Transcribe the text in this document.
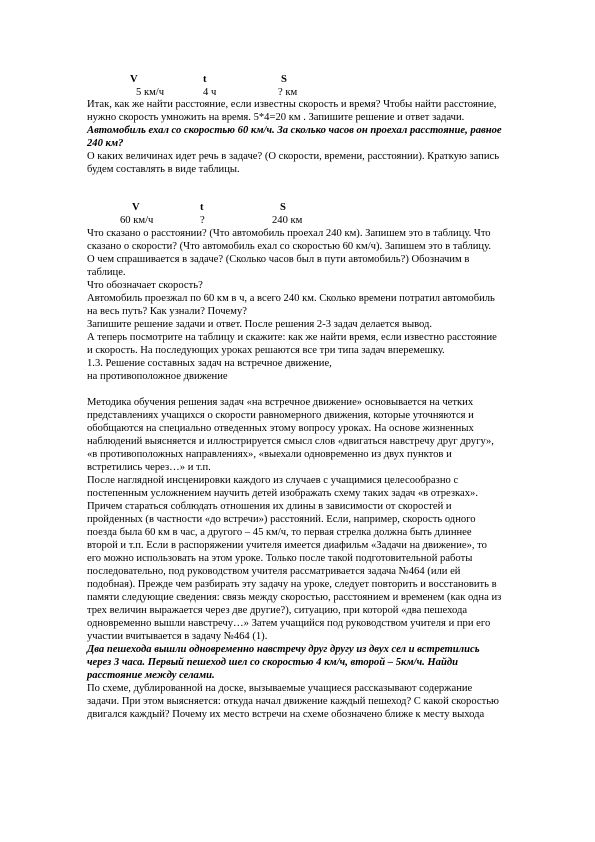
V	t	S
5 км/ч	4 ч	? км
Итак, как же найти расстояние, если известны скорость и время? Чтобы найти расстояние,
нужно скорость умножить на время. 5*4=20 км . Запишите решение и ответ задачи.
Автомобиль ехал со скоростью 60 км/ч. За сколько часов он проехал расстояние, равное
240 км?
О каких величинах идет речь в задаче? (О скорости, времени, расстоянии). Краткую запись
будем составлять в виде таблицы.
V	t	S
60 км/ч	?	240 км
Что сказано о расстоянии? (Что автомобиль проехал 240 км). Запишем это в таблицу. Что
сказано о скорости? (Что автомобиль ехал со скоростью 60 км/ч). Запишем это в таблицу.
О чем спрашивается в задаче? (Сколько часов был в пути автомобиль?) Обозначим в
таблице.
Что обозначает скорость?
Автомобиль проезжал по 60 км в ч, а всего 240 км. Сколько времени потратил автомобиль
на весь путь? Как узнали? Почему?
Запишите решение задачи и ответ. После решения 2-3 задач делается вывод.
А теперь посмотрите на таблицу и скажите: как же найти время, если известно расстояние
и скорость. На последующих уроках решаются все три типа задач вперемешку.
1.3. Решение составных задач на встречное движение,
на противоположное движение
Методика обучения решения задач «на встречное движение» основывается на четких
представлениях учащихся о скорости равномерного движения, которые уточняются и
обобщаются на специально отведенных этому вопросу уроках. На основе жизненных
наблюдений выясняется и иллюстрируется смысл слов «двигаться навстречу друг другу»,
«в противоположных направлениях», «выехали одновременно из двух пунктов и
встретились через…» и т.п.
После наглядной инсценировки каждого из случаев с учащимися целесообразно с
постепенным усложнением научить детей изображать схему таких задач «в отрезках».
Причем стараться соблюдать отношения их длины в зависимости от скоростей и
пройденных (в частности «до встречи») расстояний. Если, например, скорость одного
поезда была 60 км в час, а другого – 45 км/ч, то первая стрелка должна быть длиннее
второй и т.п. Если в распоряжении учителя имеется диафильм «Задачи на движение», то
его можно использовать на этом уроке. Только после такой подготовительной работы
последовательно, под руководством учителя рассматривается задача №464 (или ей
подобная). Прежде чем разбирать эту задачу на уроке, следует повторить и восстановить в
памяти следующие сведения: связь между скоростью, расстоянием и временем (как одна из
трех величин выражается через две другие?), ситуацию, при которой «два пешехода
одновременно вышли навстречу…» Затем учащийся под руководством учителя и при его
участии вчитывается в задачу №464 (1).
Два пешехода вышли одновременно навстречу друг другу из двух сел и встретились
через 3 часа. Первый пешеход шел со скоростью 4 км/ч, второй – 5км/ч. Найди
расстояние между селами.
По схеме, дублированной на доске, вызываемые учащиеся рассказывают содержание
задачи. При этом выясняется: откуда начал движение каждый пешеход? С какой скоростью
двигался каждый? Почему их место встречи на схеме обозначено ближе к месту выхода
